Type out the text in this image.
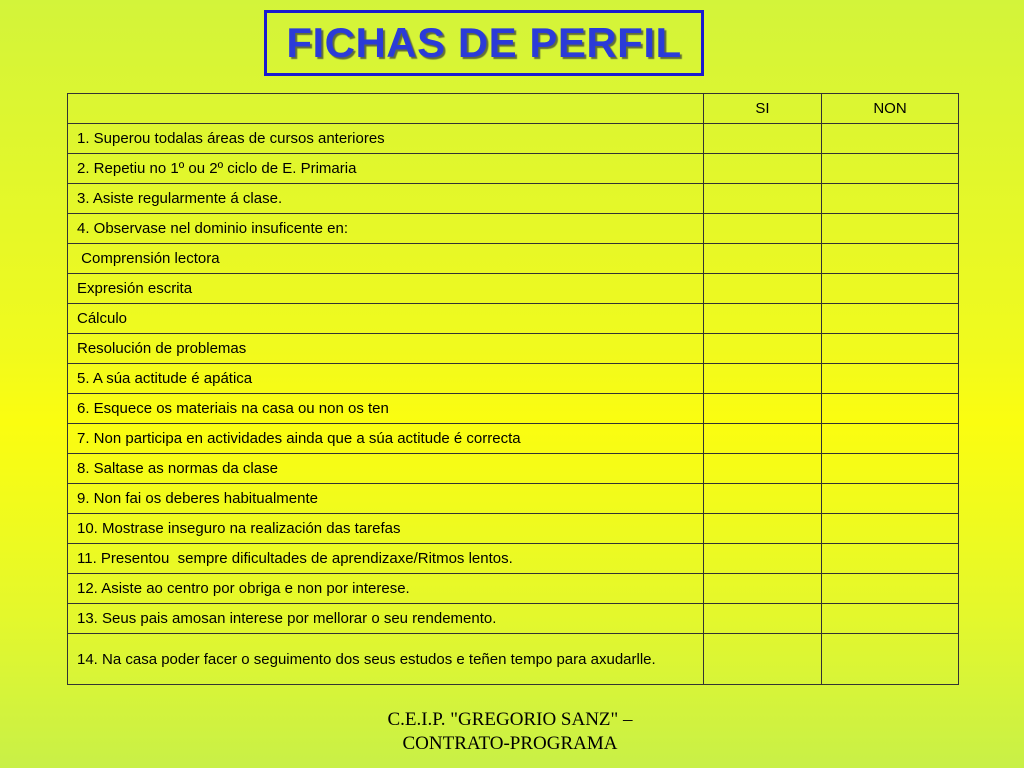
FICHAS DE PERFIL
	SI	NON
1. Superou todalas áreas de cursos anteriores		
2. Repetiu no 1º ou 2º ciclo de E. Primaria		
3. Asiste regularmente á clase.		
4. Observase nel dominio insuficente en:		
Comprensión lectora		
Expresión escrita		
Cálculo		
Resolución de problemas		
5. A súa actitude é apática		
6. Esquece os materiais na casa ou non os ten		
7. Non participa en actividades ainda que a súa actitude é correcta		
8. Saltase as normas da clase		
9. Non fai os deberes habitualmente		
10. Mostrase inseguro na realización das tarefas		
11. Presentou  sempre dificultades de aprendizaxe/Ritmos lentos.		
12. Asiste ao centro por obriga e non por interese.		
13. Seus pais amosan interese por mellorar o seu rendemento.		
14. Na casa poder facer o seguimento dos seus estudos e teñen tempo para axudarlle.		
C.E.I.P. "GREGORIO SANZ" –
CONTRATO-PROGRAMA
